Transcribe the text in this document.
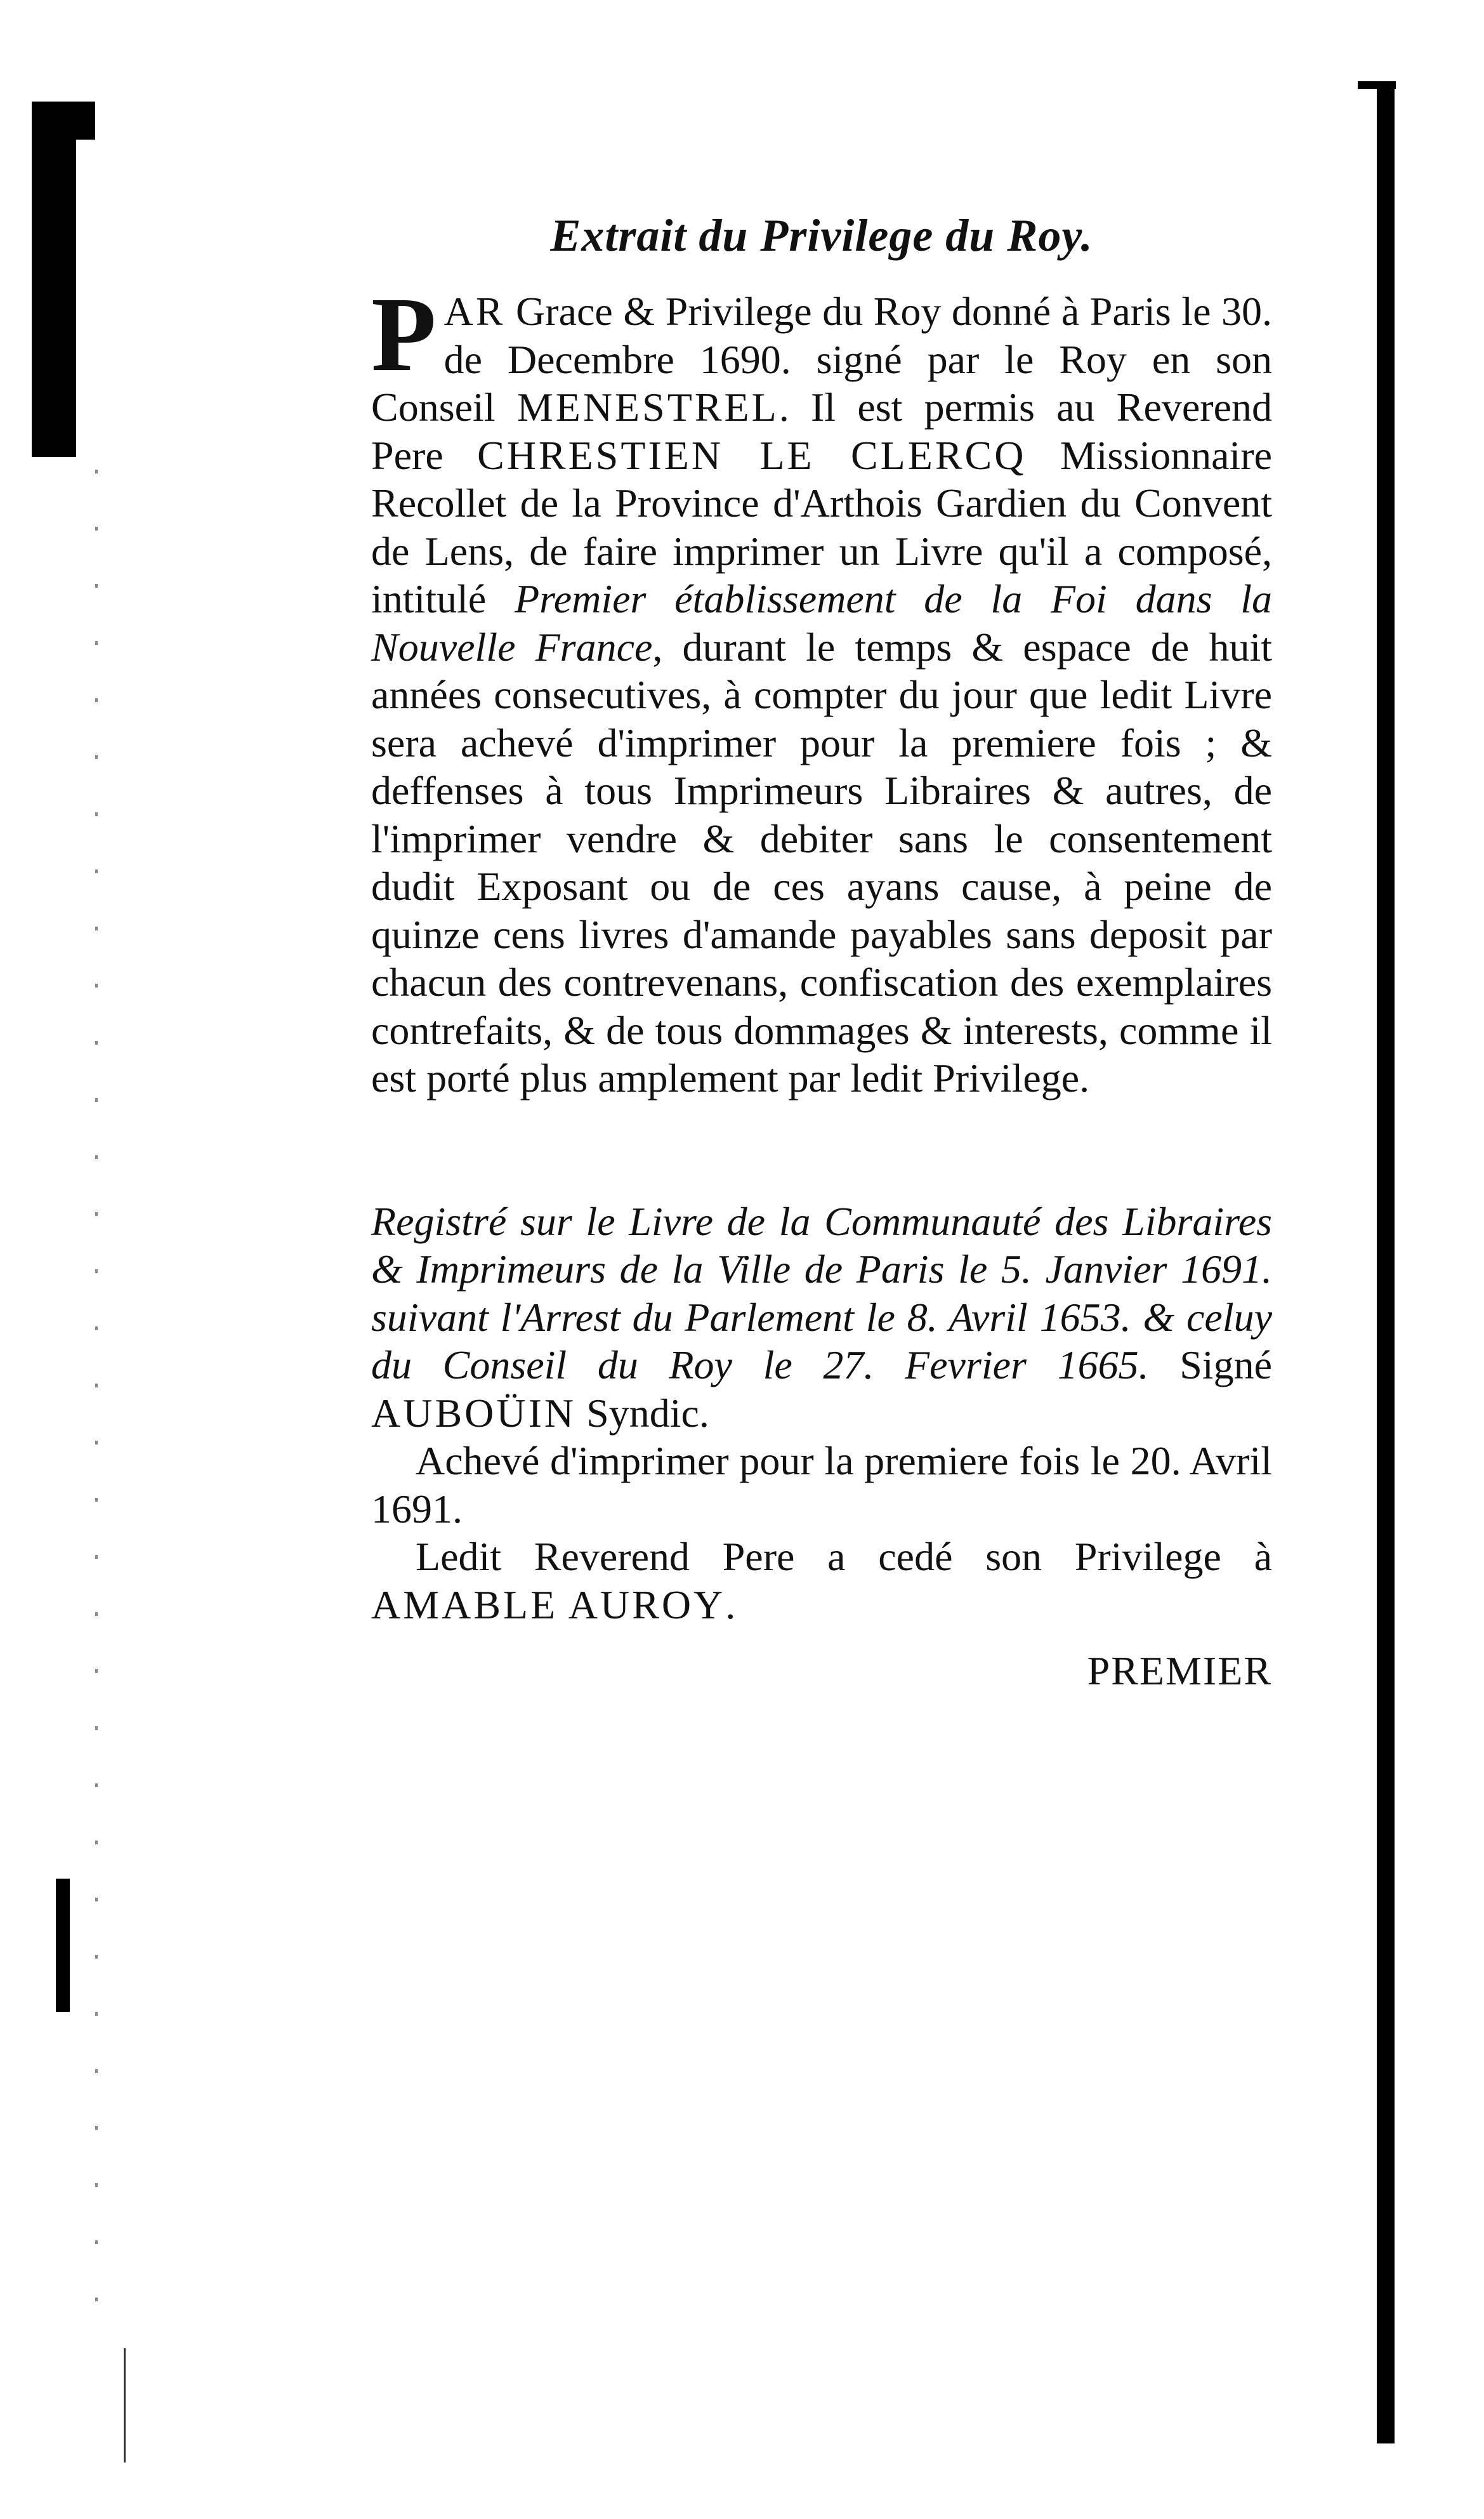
Extrait du Privilege du Roy.

PAR Grace & Privilege du Roy donné à Paris le 30. de Decembre 1690. signé par le Roy en son Conseil MENESTREL. Il est permis au Reverend Pere CHRESTIEN LE CLERCQ Missionnaire Recollet de la Province d'Arthois Gardien du Convent de Lens, de faire imprimer un Livre qu'il a composé, intitulé Premier établissement de la Foi dans la Nouvelle France, durant le temps & espace de huit années consecutives, à compter du jour que ledit Livre sera achevé d'imprimer pour la premiere fois ; & deffenses à tous Imprimeurs Libraires & autres, de l'imprimer vendre & debiter sans le consentement dudit Exposant ou de ces ayans cause, à peine de quinze cens livres d'amande payables sans deposit par chacun des contrevenans, confiscation des exemplaires contrefaits, & de tous dommages & interests, comme il est porté plus amplement par ledit Privilege.

Registré sur le Livre de la Communauté des Libraires & Imprimeurs de la Ville de Paris le 5. Janvier 1691. suivant l'Arrest du Parlement le 8. Avril 1653. & celuy du Conseil du Roy le 27. Fevrier 1665. Signé AUBOÜIN Syndic.

Achevé d'imprimer pour la premiere fois le 20. Avril 1691.

Ledit Reverend Pere a cedé son Privilege à AMABLE AUROY.

PREMIER
